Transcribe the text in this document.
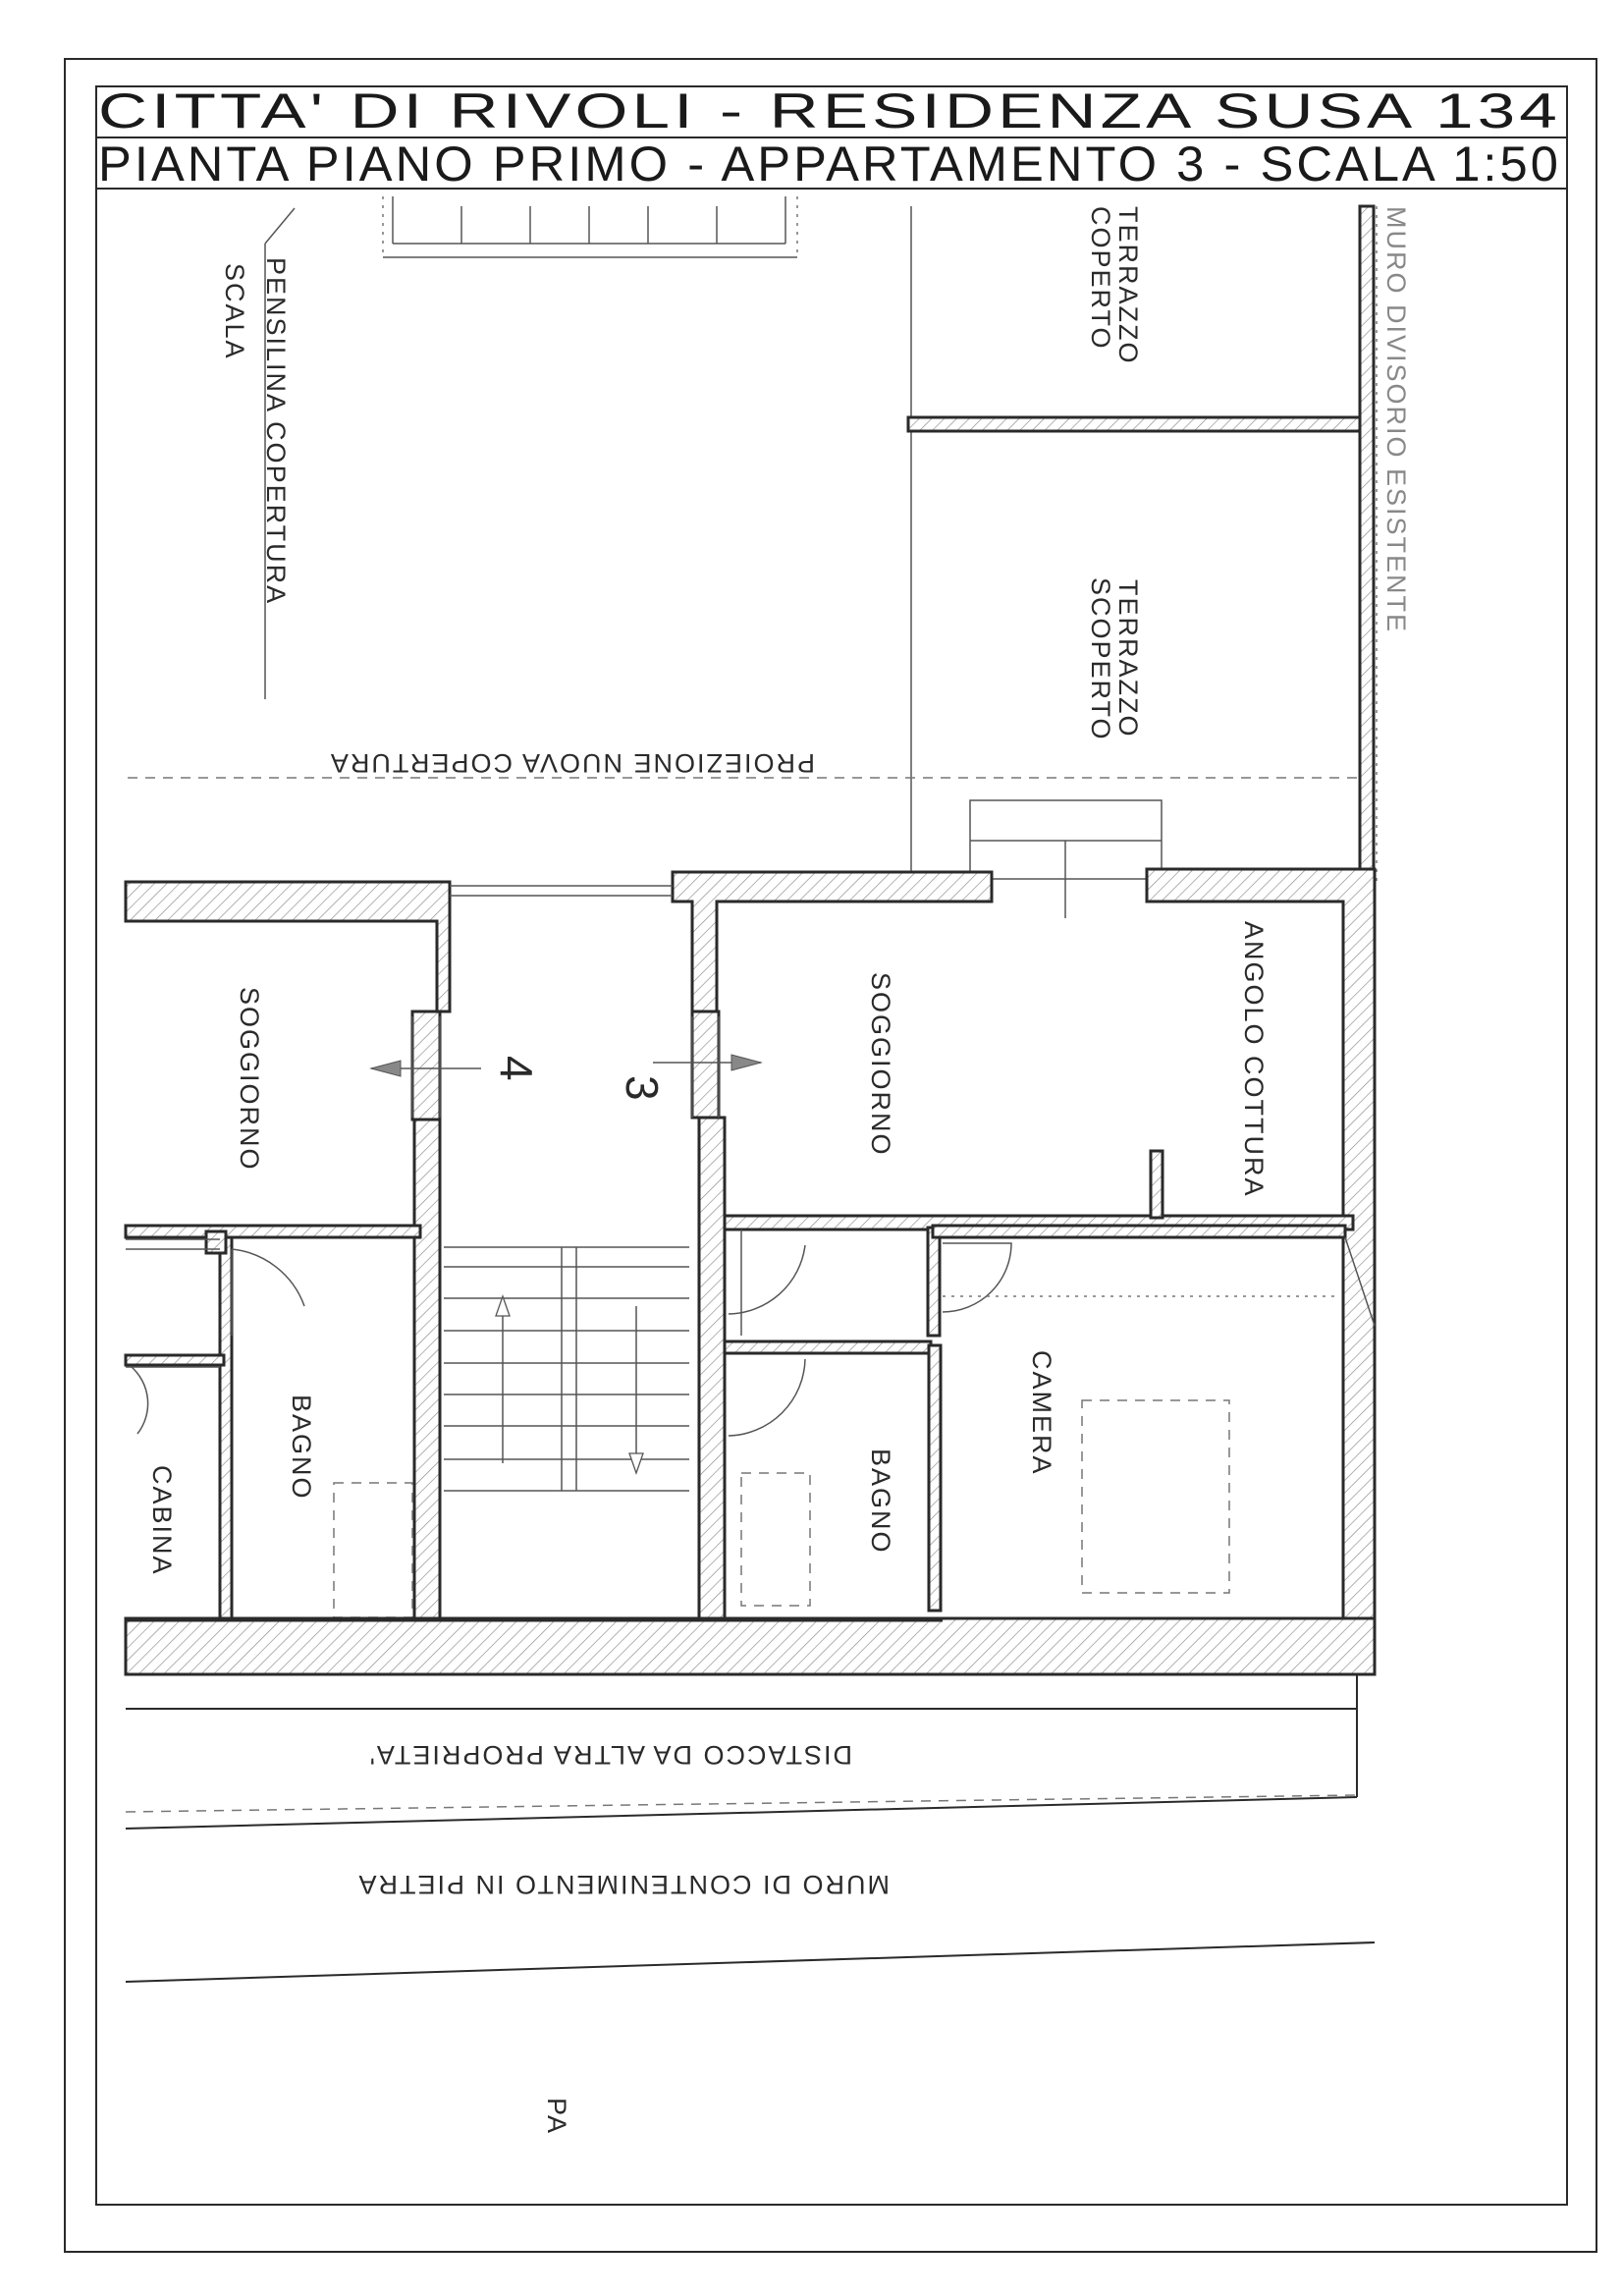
CITTA' DI RIVOLI - RESIDENZA SUSA 134
PIANTA PIANO PRIMO - APPARTAMENTO 3 - SCALA 1:50
PENSILINA COPERTURA
SCALA	TERRAZZO
COPERTO
TERRAZZO
SCOPERTO
MURO DIVISORIO ESISTENTE
PROIEZIONE NUOVA COPERTURA
4
3
DISTACCO DA ALTRA PROPRIETA'
MURO DI CONTENIMENTO IN PIETRA
PA
SOGGIORNO	SOGGIORNO	ANGOLO COTTURA
BAGNO
CABINA	BAGNO
CAMERA
